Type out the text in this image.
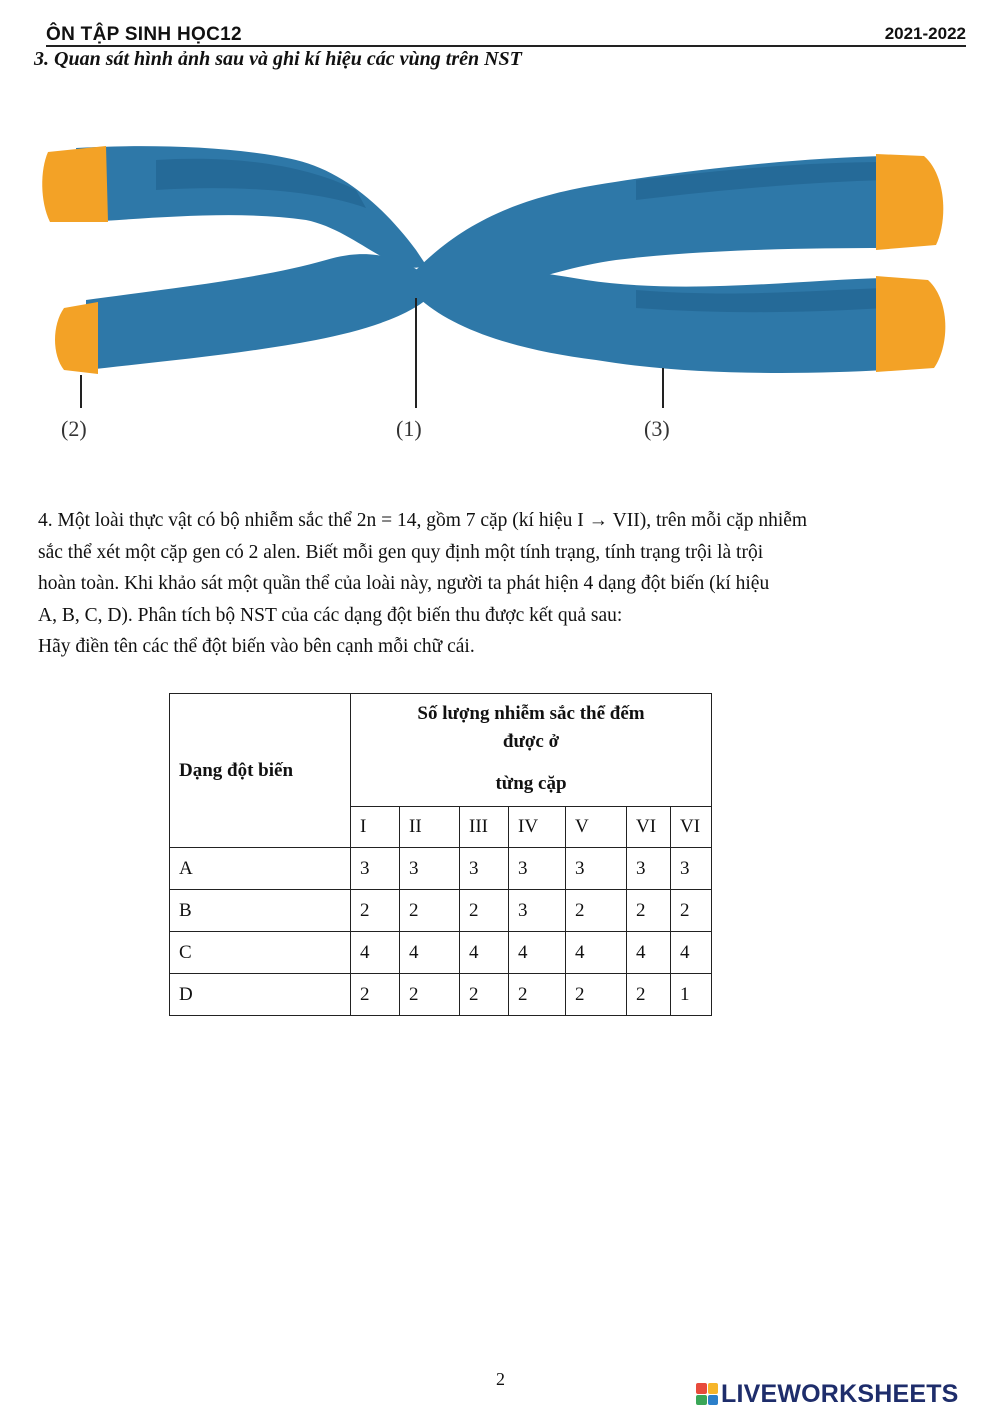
ÔN TẬP SINH HỌC12	2021-2022
3. Quan sát hình ảnh sau và ghi kí hiệu các vùng trên NST
(2)	(1)	(3)

4. Một loài thực vật có bộ nhiễm sắc thể 2n = 14, gồm 7 cặp (kí hiệu I → VII), trên mỗi cặp nhiễm

sắc thể xét một cặp gen có 2 alen. Biết mỗi gen quy định một tính trạng, tính trạng trội là trội

hoàn toàn. Khi khảo sát một quần thể của loài này, người ta phát hiện 4 dạng đột biến (kí hiệu

A, B, C, D). Phân tích bộ NST của các dạng đột biến thu được kết quả sau:

Hãy điền tên các thể đột biến vào bên cạnh mỗi chữ cái.

Dạng đột biến	Số lượng nhiễm sắc thể đếm
được ở
từng cặp						

	I	II	III	IV	V	VI	VI
A	3	3	3	3	3	3	3
B	2	2	2	3	2	2	2
C	4	4	4	4	4	4	4
D	2	2	2	2	2	2	1
2
LIVEWORKSHEETS
